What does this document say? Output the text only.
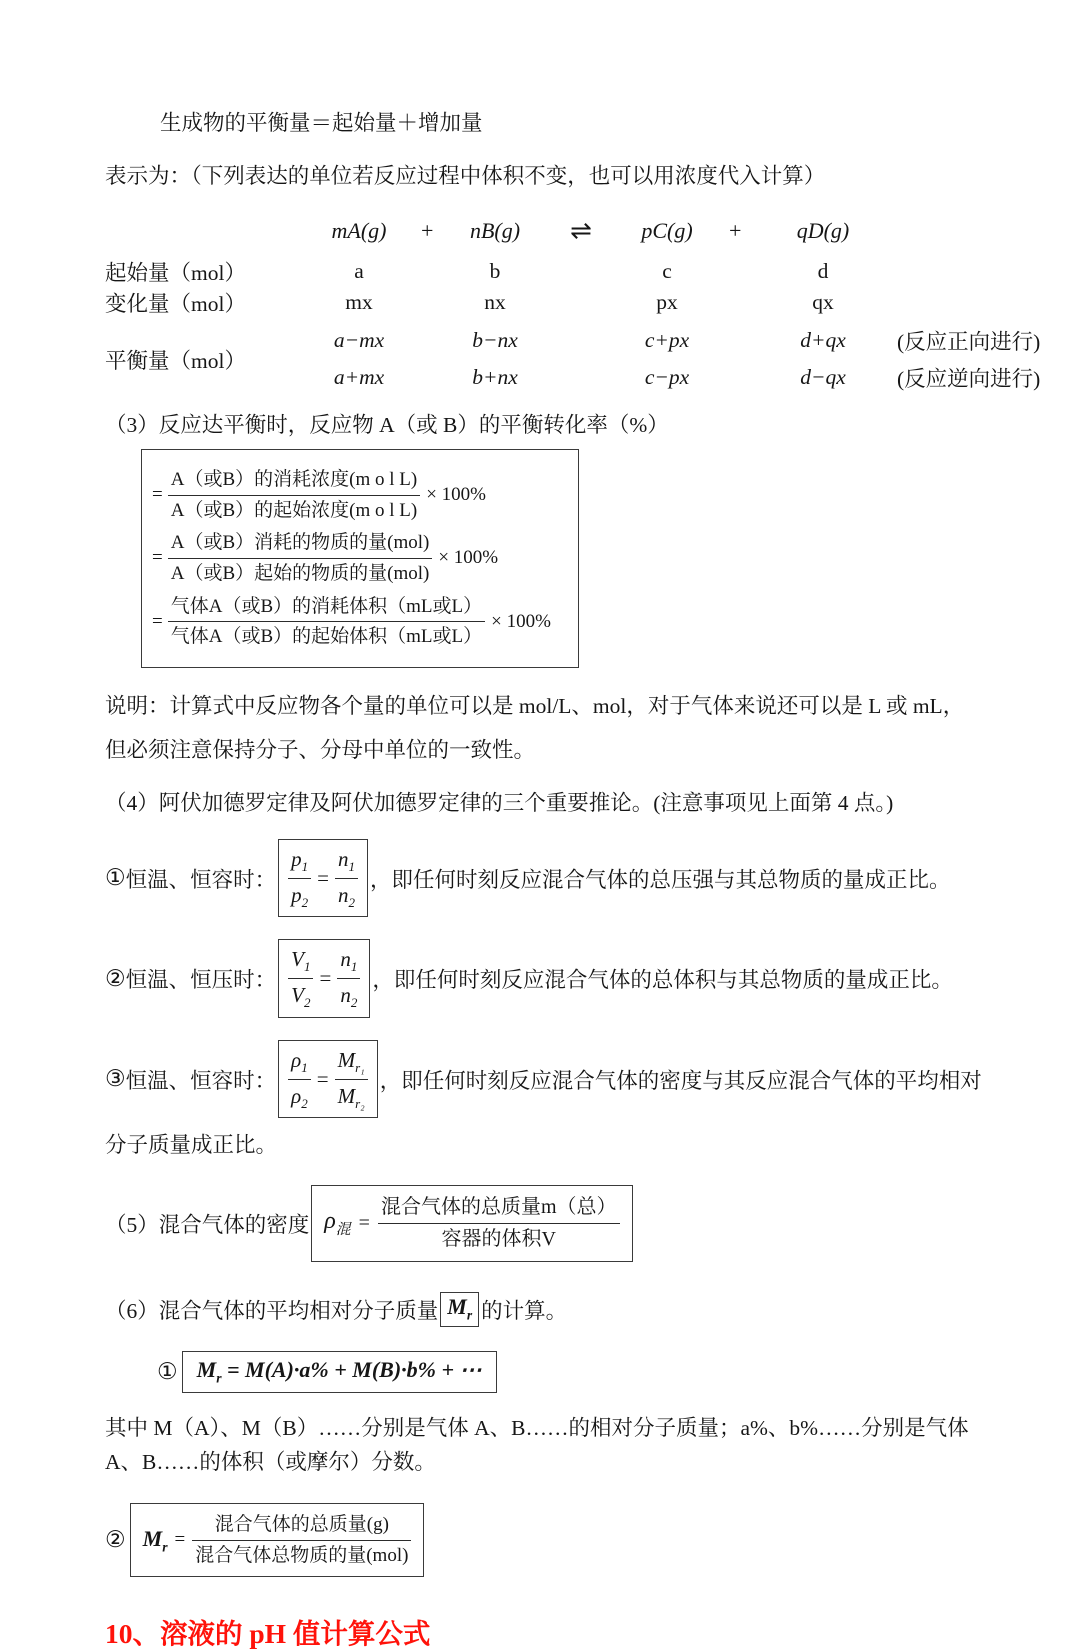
生成物的平衡量＝起始量＋增加量

表示为：（下列表达的单位若反应过程中体积不变，也可以用浓度代入计算）

mA(g)	+	nB(g)	⇌	pC(g)	+	qD(g)
起始量（mol）	a	b	c	d
变化量（mol）	mx	nx	px	qx
平衡量（mol）
a−mx	b−nx	c+px	d+qx	(反应正向进行)
a+mx	b+nx	c−px	d−qx	(反应逆向进行)

（3）反应达平衡时，反应物 A（或 B）的平衡转化率（%）

= $\frac{\text{A（或B）的消耗浓度(m o l L)}}{\text{A（或B）的起始浓度(m o l L)}} \times 100\%$
= $\frac{\text{A（或B）消耗的物质的量(mol)}}{\text{A（或B）起始的物质的量(mol)}} \times 100\%$
= $\frac{\text{气体A（或B）的消耗体积（mL或L）}}{\text{气体A（或B）的起始体积（mL或L）}} \times 100\%$

说明：计算式中反应物各个量的单位可以是 mol/L、mol，对于气体来说还可以是 L 或 mL，

但必须注意保持分子、分母中单位的一致性。

（4）阿伏加德罗定律及阿伏加德罗定律的三个重要推论。(注意事项见上面第 4 点。)

① 恒温、恒容时： $\frac{p_1}{p_2} = \frac{n_1}{n_2}$ ，即任何时刻反应混合气体的总压强与其总物质的量成正比。
② 恒温、恒压时： $\frac{V_1}{V_2} = \frac{n_1}{n_2}$ ，即任何时刻反应混合气体的总体积与其总物质的量成正比。
③ 恒温、恒容时： $\frac{\rho_1}{\rho_2} = \frac{M_{r_1}}{M_{r_2}}$ ，即任何时刻反应混合气体的密度与其反应混合气体的平均相对

分子质量成正比。

（5）混合气体的密度 $\rho_混 = \frac{\text{混合气体的总质量m（总）}}{\text{容器的体积V}}$
（6）混合气体的平均相对分子质量 $M_r$ 的计算。
① $M_r = M(A)\cdot a\% + M(B)\cdot b\%$ + ⋯

其中 M（A）、M（B）……分别是气体 A、B……的相对分子质量；a%、b%……分别是气体

A、B……的体积（或摩尔）分数。

② $M_r = \frac{\text{混合气体的总质量(g)}}{\text{混合气体总物质的量(mol)}}$
10、溶液的 pH 值计算公式
